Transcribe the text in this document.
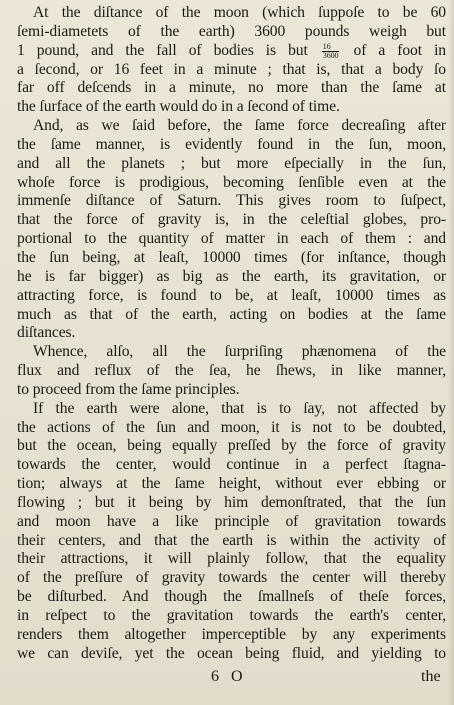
At the diſtance of the moon (which ſuppoſe to be 60
ſemi-diametets of the earth) 3600 pounds weigh but
1 pound, and the fall of bodies is but $\frac{16}{3600}$ of a foot in
a ſecond, or 16 feet in a minute ; that is, that a body ſo
far off deſcends in a minute, no more than the ſame at
the ſurface of the earth would do in a ſecond of time.
And, as we ſaid before, the ſame force decreaſing after
the ſame manner, is evidently found in the ſun, moon,
and all the planets ; but more eſpecially in the ſun,
whoſe force is prodigious, becoming ſenſible even at the
immenſe diſtance of Saturn. This gives room to ſuſpect,
that the force of gravity is, in the celeſtial globes, pro-
portional to the quantity of matter in each of them : and
the ſun being, at leaſt, 10000 times (for inſtance, though
he is far bigger) as big as the earth, its gravitation, or
attracting force, is found to be, at leaſt, 10000 times as
much as that of the earth, acting on bodies at the ſame
diſtances.
Whence, alſo, all the ſurpriſing phænomena of the
flux and reflux of the ſea, he ſhews, in like manner,
to proceed from the ſame principles.
If the earth were alone, that is to ſay, not affected by
the actions of the ſun and moon, it is not to be doubted,
but the ocean, being equally preſſed by the force of gravity
towards the center, would continue in a perfect ſtagna-
tion; always at the ſame height, without ever ebbing or
flowing ; but it being by him demonſtrated, that the ſun
and moon have a like principle of gravitation towards
their centers, and that the earth is within the activity of
their attractions, it will plainly follow, that the equality
of the preſſure of gravity towards the center will thereby
be diſturbed. And though the ſmallneſs of theſe forces,
in reſpect to the gravitation towards the earth's center,
renders them altogether imperceptible by any experiments
we can deviſe, yet the ocean being fluid, and yielding to
6 O	the
